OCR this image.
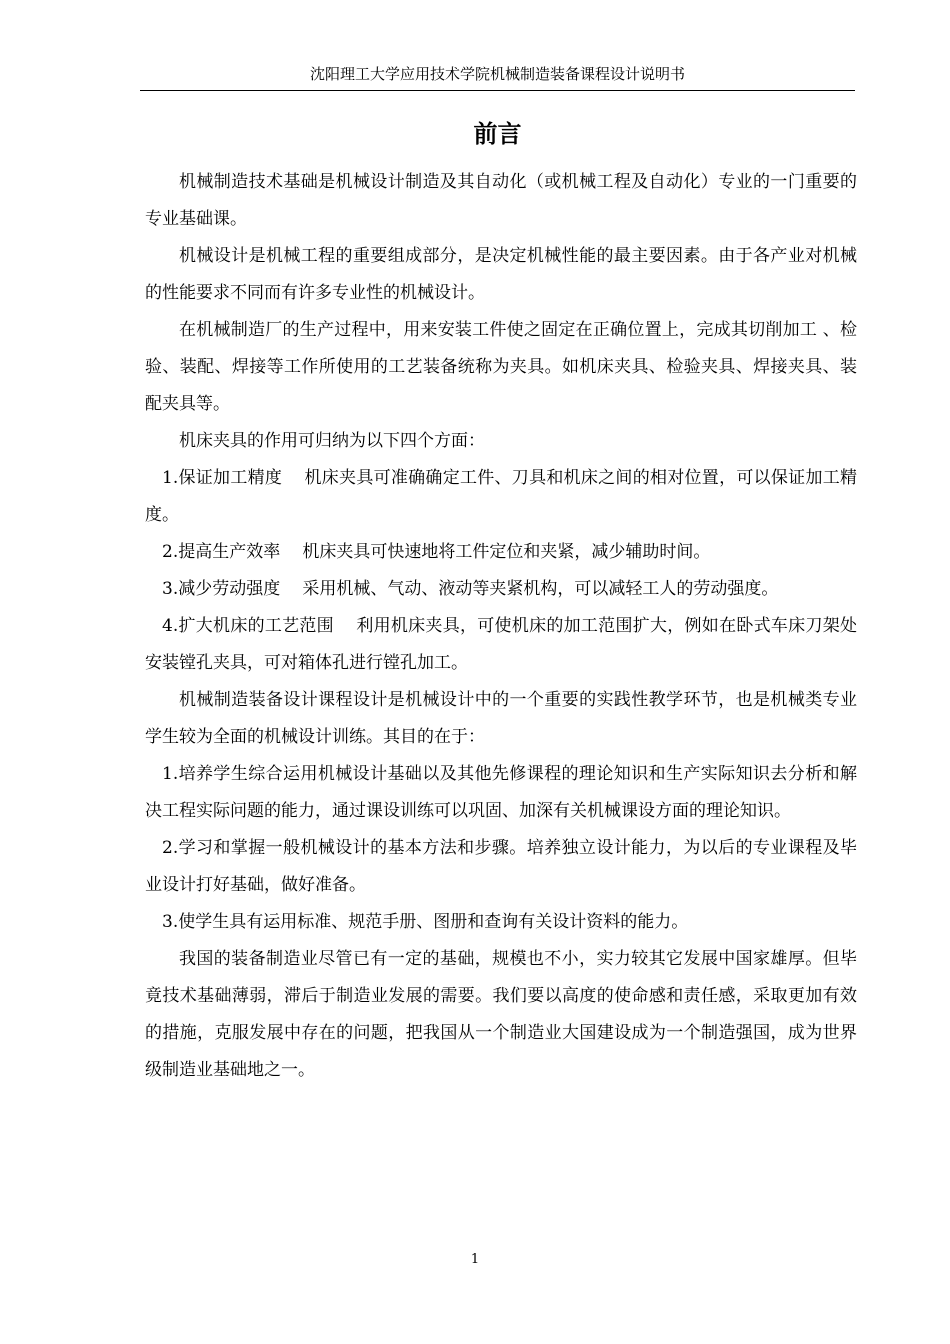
沈阳理工大学应用技术学院机械制造装备课程设计说明书
前言

机械制造技术基础是机械设计制造及其自动化（或机械工程及自动化）专业的一门重要的专业基础课。

机械设计是机械工程的重要组成部分，是决定机械性能的最主要因素。由于各产业对机械的性能要求不同而有许多专业性的机械设计。

在机械制造厂的生产过程中，用来安装工件使之固定在正确位置上，完成其切削加工 、检验、装配、焊接等工作所使用的工艺装备统称为夹具。如机床夹具、检验夹具、焊接夹具、装配夹具等。

机床夹具的作用可归纳为以下四个方面：

1.保证加工精度 机床夹具可准确确定工件、刀具和机床之间的相对位置，可以保证加工精度。

2.提高生产效率 机床夹具可快速地将工件定位和夹紧，减少辅助时间。

3.减少劳动强度 采用机械、气动、液动等夹紧机构，可以减轻工人的劳动强度。

4.扩大机床的工艺范围 利用机床夹具，可使机床的加工范围扩大，例如在卧式车床刀架处安装镗孔夹具，可对箱体孔进行镗孔加工。

机械制造装备设计课程设计是机械设计中的一个重要的实践性教学环节，也是机械类专业学生较为全面的机械设计训练。其目的在于：

1.培养学生综合运用机械设计基础以及其他先修课程的理论知识和生产实际知识去分析和解决工程实际问题的能力，通过课设训练可以巩固、加深有关机械课设方面的理论知识。

2.学习和掌握一般机械设计的基本方法和步骤。培养独立设计能力，为以后的专业课程及毕业设计打好基础，做好准备。

3.使学生具有运用标准、规范手册、图册和查询有关设计资料的能力。

我国的装备制造业尽管已有一定的基础，规模也不小，实力较其它发展中国家雄厚。但毕竟技术基础薄弱，滞后于制造业发展的需要。我们要以高度的使命感和责任感，采取更加有效的措施，克服发展中存在的问题，把我国从一个制造业大国建设成为一个制造强国，成为世界级制造业基础地之一。

1
